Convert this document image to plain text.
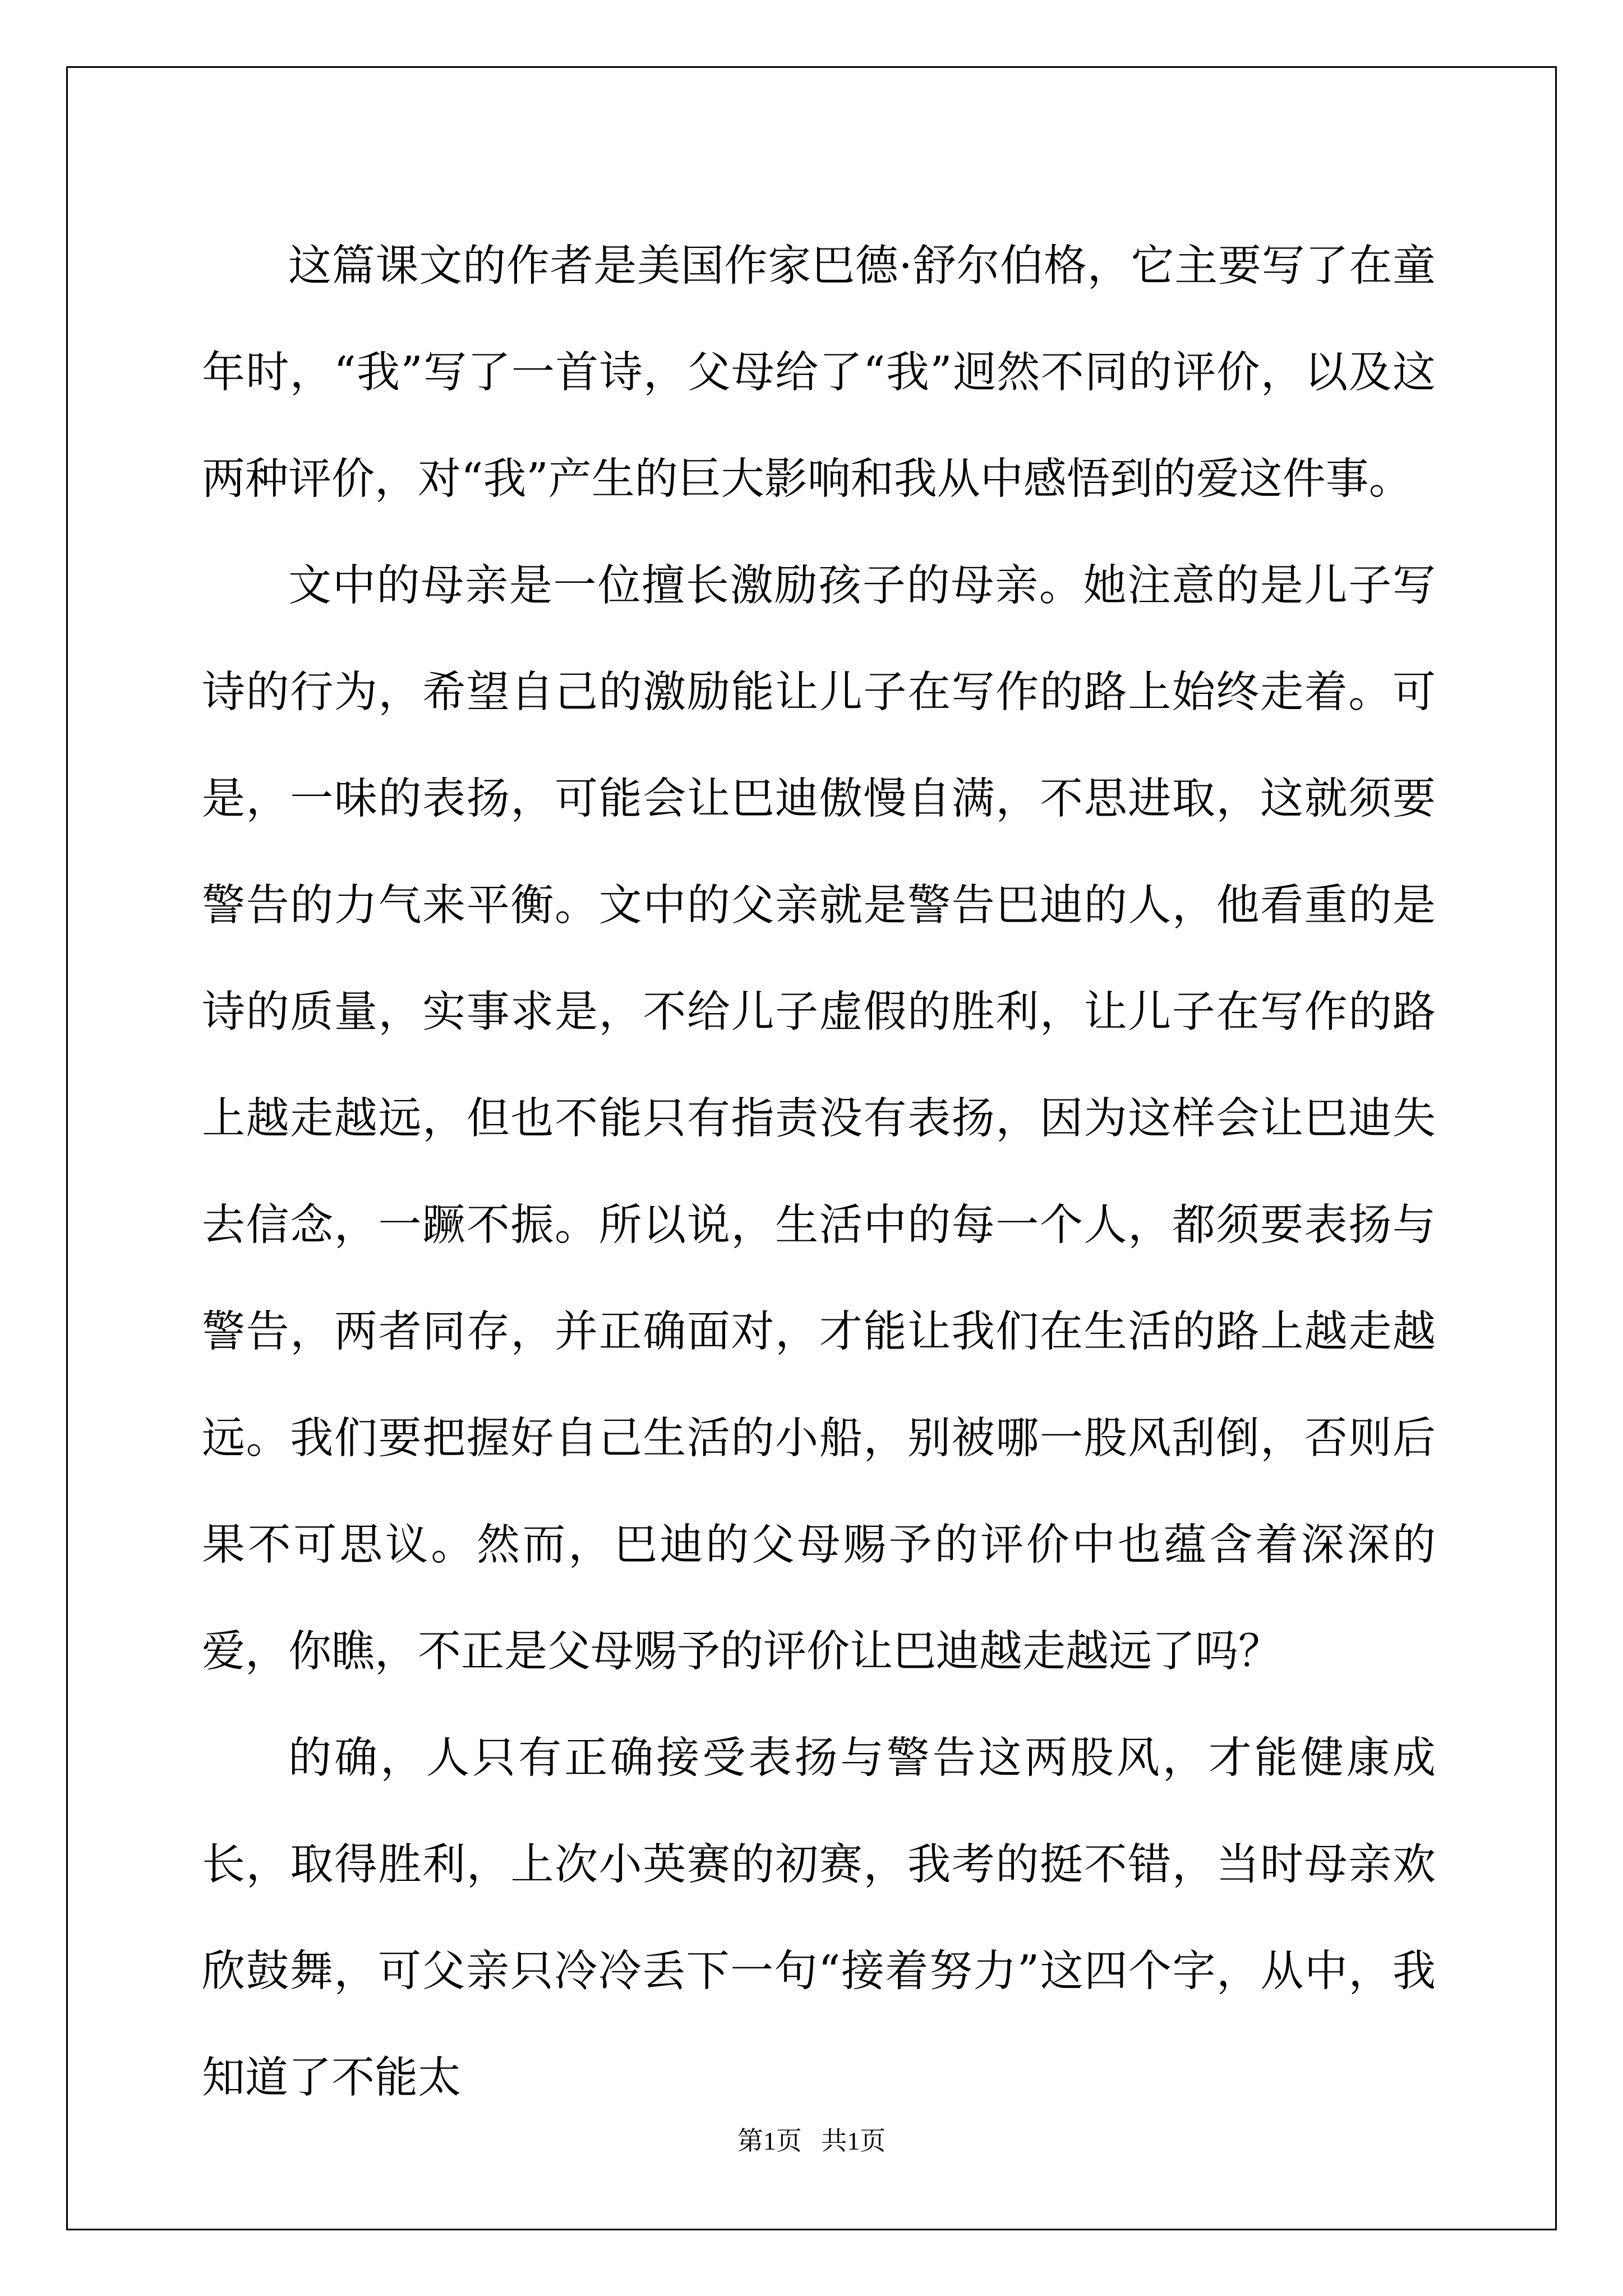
这篇课文的作者是美国作家巴德·舒尔伯格，它主要写了在童年时，“我”写了一首诗，父母给了“我”迥然不同的评价，以及这两种评价，对“我”产生的巨大影响和我从中感悟到的爱这件事。

文中的母亲是一位擅长激励孩子的母亲。她注意的是儿子写诗的行为，希望自己的激励能让儿子在写作的路上始终走着。可是，一味的表扬，可能会让巴迪傲慢自满，不思进取，这就须要警告的力气来平衡。文中的父亲就是警告巴迪的人，他看重的是诗的质量，实事求是，不给儿子虚假的胜利，让儿子在写作的路上越走越远，但也不能只有指责没有表扬，因为这样会让巴迪失去信念，一蹶不振。所以说，生活中的每一个人，都须要表扬与警告，两者同存，并正确面对，才能让我们在生活的路上越走越远。我们要把握好自己生活的小船，别被哪一股风刮倒，否则后果不可思议。然而，巴迪的父母赐予的评价中也蕴含着深深的爱，你瞧，不正是父母赐予的评价让巴迪越走越远了吗？

的确，人只有正确接受表扬与警告这两股风，才能健康成长，取得胜利，上次小英赛的初赛，我考的挺不错，当时母亲欢欣鼓舞，可父亲只冷冷丢下一句“接着努力”这四个字，从中，我知道了不能太

第1页 共1页
